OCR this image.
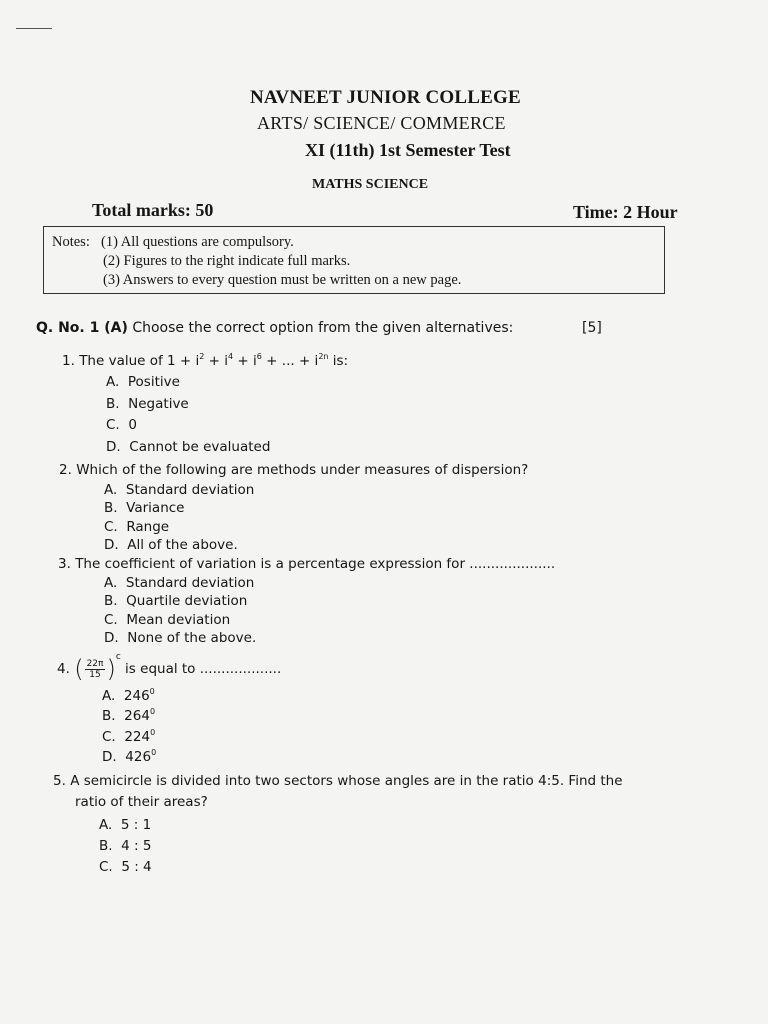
NAVNEET JUNIOR COLLEGE
ARTS/ SCIENCE/ COMMERCE
XI (11th) 1st Semester Test
MATHS SCIENCE
Total marks: 50	Time: 2 Hour
Notes: (1) All questions are compulsory.
(2) Figures to the right indicate full marks.
(3) Answers to every question must be written on a new page.
Q. No. 1 (A) Choose the correct option from the given alternatives:	[5]
1. The value of $1 + i^2 + i^4 + i^6$ + ... + $i^{2n}$ is:
A. Positive
B. Negative
C. 0
D. Cannot be evaluated
2. Which of the following are methods under measures of dispersion?
A. Standard deviation
B. Variance
C. Range
D. All of the above.
3. The coefficient of variation is a percentage expression for ....................
A. Standard deviation
B. Quartile deviation
C. Mean deviation
D. None of the above.
4. ( $\frac{22\pi}{15} )^c$ is equal to ...................
A. $246^0$
B. $264^0$
C. $224^0$
D. $426^0$
5. A semicircle is divided into two sectors whose angles are in the ratio 4:5. Find the
ratio of their areas?
A. 5 : 1
B. 4 : 5
C. 5 : 4
